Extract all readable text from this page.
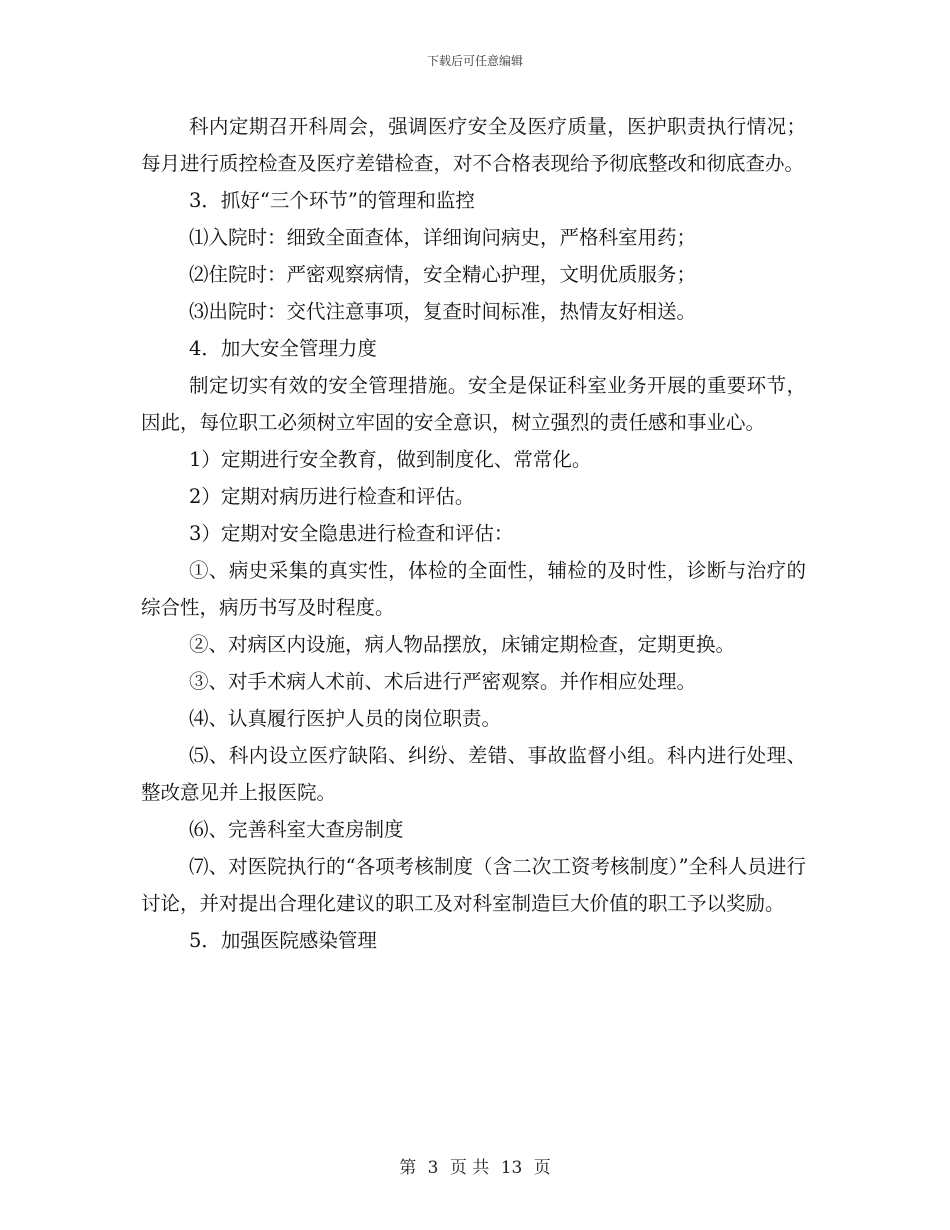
下载后可任意编辑

科内定期召开科周会，强调医疗安全及医疗质量，医护职责执行情况；每月进行质控检查及医疗差错检查，对不合格表现给予彻底整改和彻底查办。

3．抓好“三个环节”的管理和监控

⑴入院时：细致全面查体，详细询问病史，严格科室用药；

⑵住院时：严密观察病情，安全精心护理，文明优质服务；

⑶出院时：交代注意事项，复查时间标准，热情友好相送。

4．加大安全管理力度

制定切实有效的安全管理措施。安全是保证科室业务开展的重要环节，因此，每位职工必须树立牢固的安全意识，树立强烈的责任感和事业心。

1）定期进行安全教育，做到制度化、常常化。

2）定期对病历进行检查和评估。

3）定期对安全隐患进行检查和评估：

①、病史采集的真实性，体检的全面性，辅检的及时性，诊断与治疗的综合性，病历书写及时程度。

②、对病区内设施，病人物品摆放，床铺定期检查，定期更换。

③、对手术病人术前、术后进行严密观察。并作相应处理。

⑷、认真履行医护人员的岗位职责。

⑸、科内设立医疗缺陷、纠纷、差错、事故监督小组。科内进行处理、整改意见并上报医院。

⑹、完善科室大查房制度

⑺、对医院执行的“各项考核制度（含二次工资考核制度）”全科人员进行讨论，并对提出合理化建议的职工及对科室制造巨大价值的职工予以奖励。

5．加强医院感染管理

第 3 页 共 13 页
